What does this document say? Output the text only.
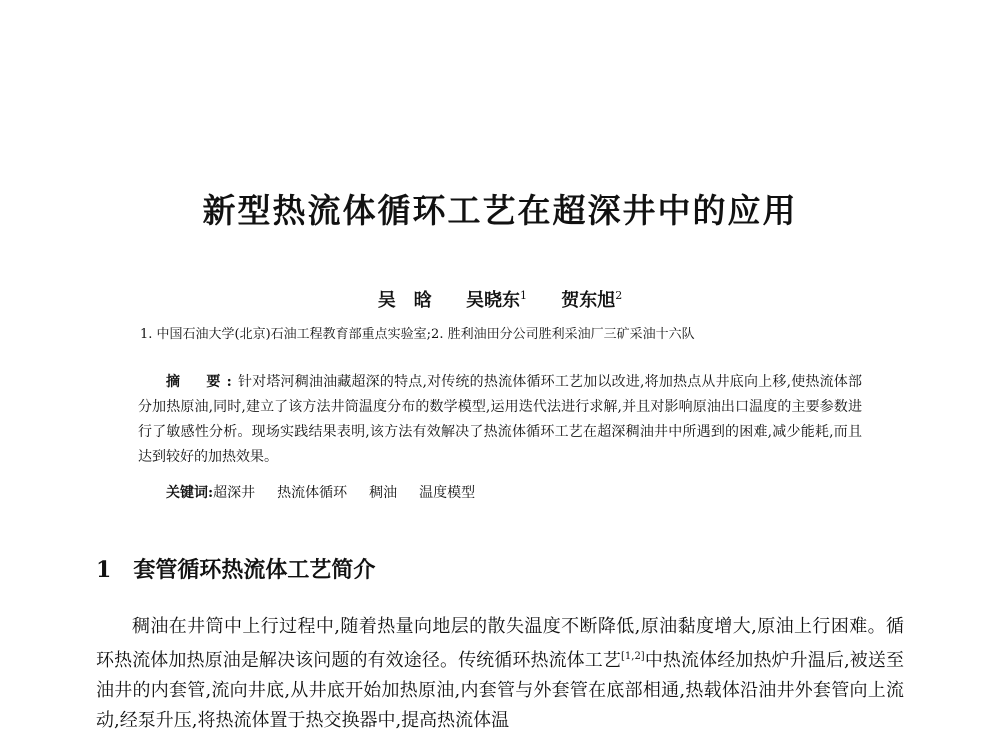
新型热流体循环工艺在超深井中的应用
吴　晗 吴晓东$^1$ 贺东旭$^2$
1. 中国石油大学(北京)石油工程教育部重点实验室;2. 胜利油田分公司胜利采油厂三矿采油十六队
摘　要:针对塔河稠油油藏超深的特点,对传统的热流体循环工艺加以改进,将加热点从井底向上移,使热流体部分加热原油,同时,建立了该方法井筒温度分布的数学模型,运用迭代法进行求解,并且对影响原油出口温度的主要参数进行了敏感性分析。现场实践结果表明,该方法有效解决了热流体循环工艺在超深稠油井中所遇到的困难,减少能耗,而且达到较好的加热效果。
关键词:超深井 热流体循环 稠油 温度模型
1 套管循环热流体工艺简介
稠油在井筒中上行过程中,随着热量向地层的散失温度不断降低,原油黏度增大,原油上行困难。循环热流体加热原油是解决该问题的有效途径。传统循环热流体工艺[1,2]中热流体经加热炉升温后,被送至油井的内套管,流向井底,从井底开始加热原油,内套管与外套管在底部相通,热载体沿油井外套管向上流动,经泵升压,将热流体置于热交换器中,提高热流体温
